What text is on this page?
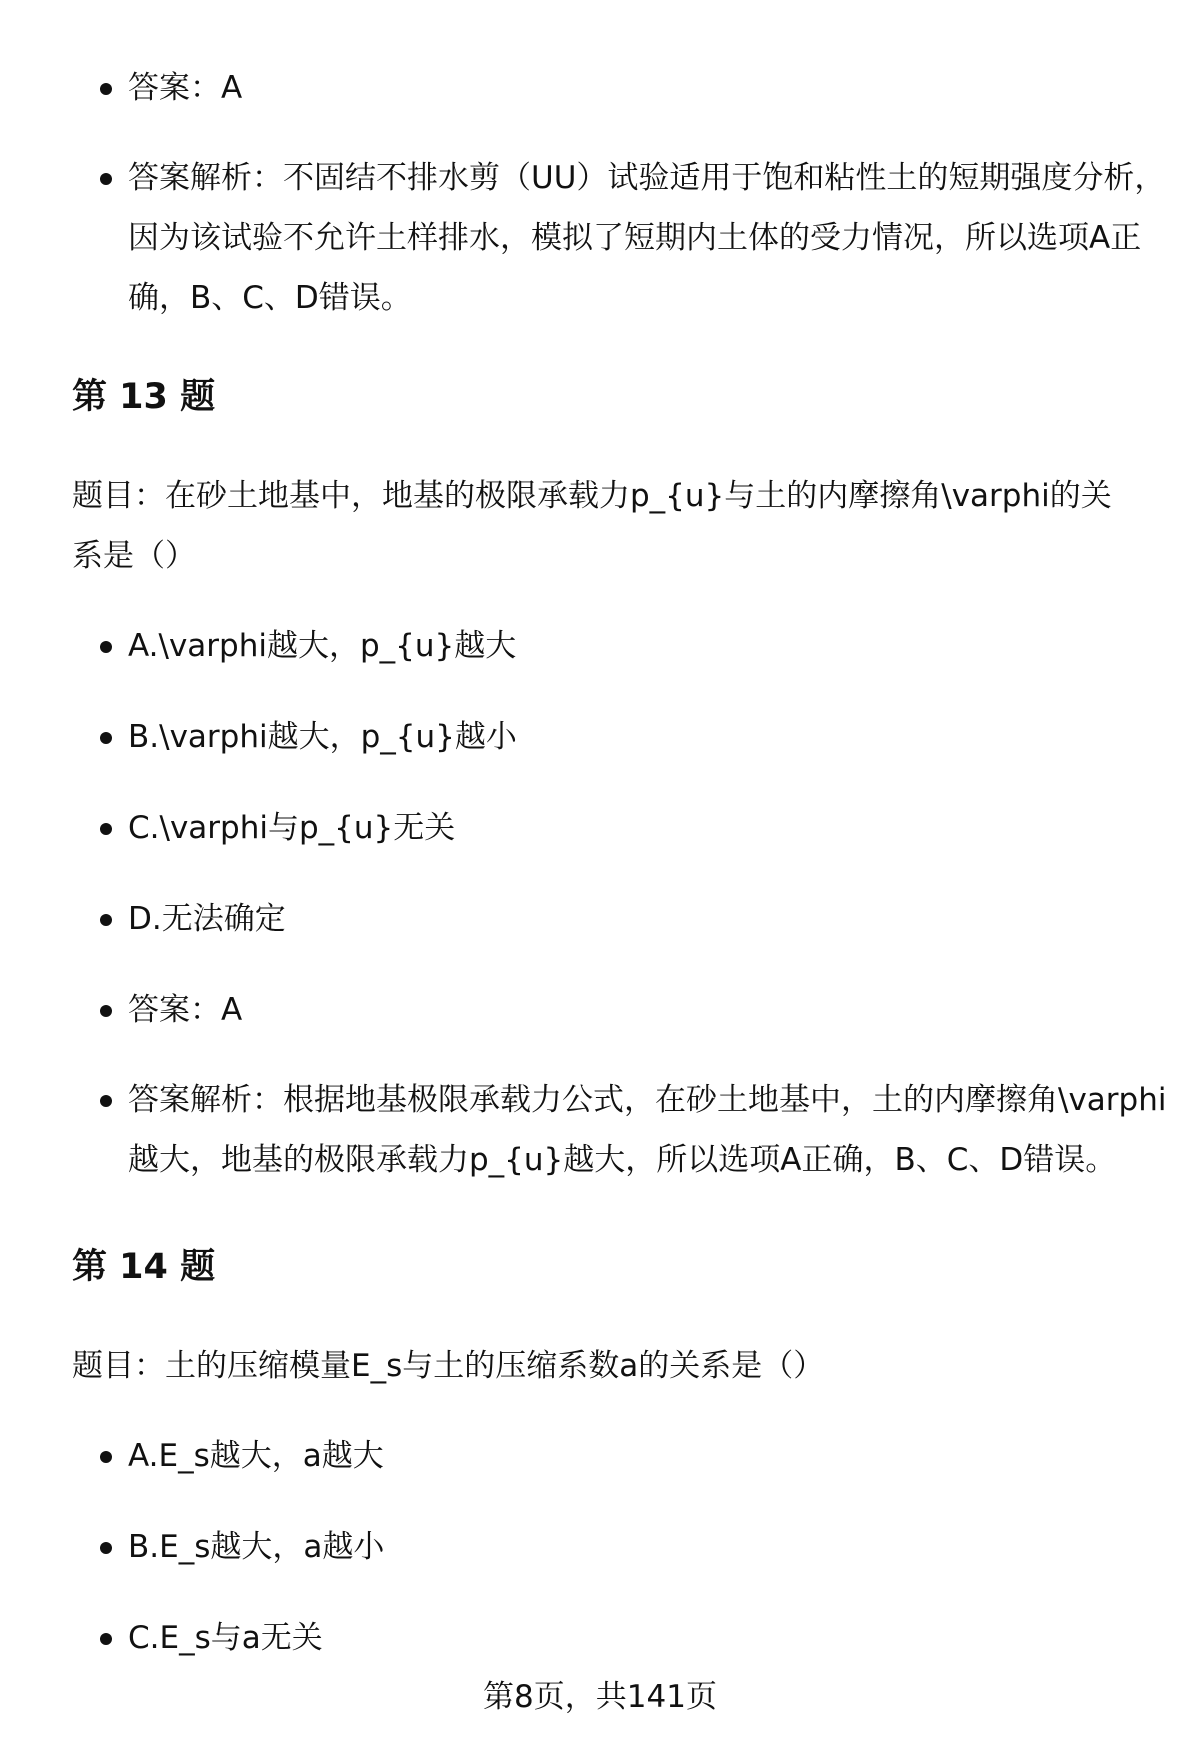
答案：A
答案解析：不固结不排水剪（UU）试验适用于饱和粘性土的短期强度分析，因为该试验不允许土样排水，模拟了短期内土体的受力情况，所以选项A正确，B、C、D错误。
第 13 题
题目：在砂土地基中，地基的极限承载力p_{u}与土的内摩擦角\varphi的关系是（）
A.\varphi越大，p_{u}越大
B.\varphi越大，p_{u}越小
C.\varphi与p_{u}无关
D.无法确定
答案：A
答案解析：根据地基极限承载力公式，在砂土地基中，土的内摩擦角\varphi越大，地基的极限承载力p_{u}越大，所以选项A正确，B、C、D错误。
第 14 题
题目：土的压缩模量E_s与土的压缩系数a的关系是（）
A.E_s越大，a越大
B.E_s越大，a越小
C.E_s与a无关
第8页，共141页
